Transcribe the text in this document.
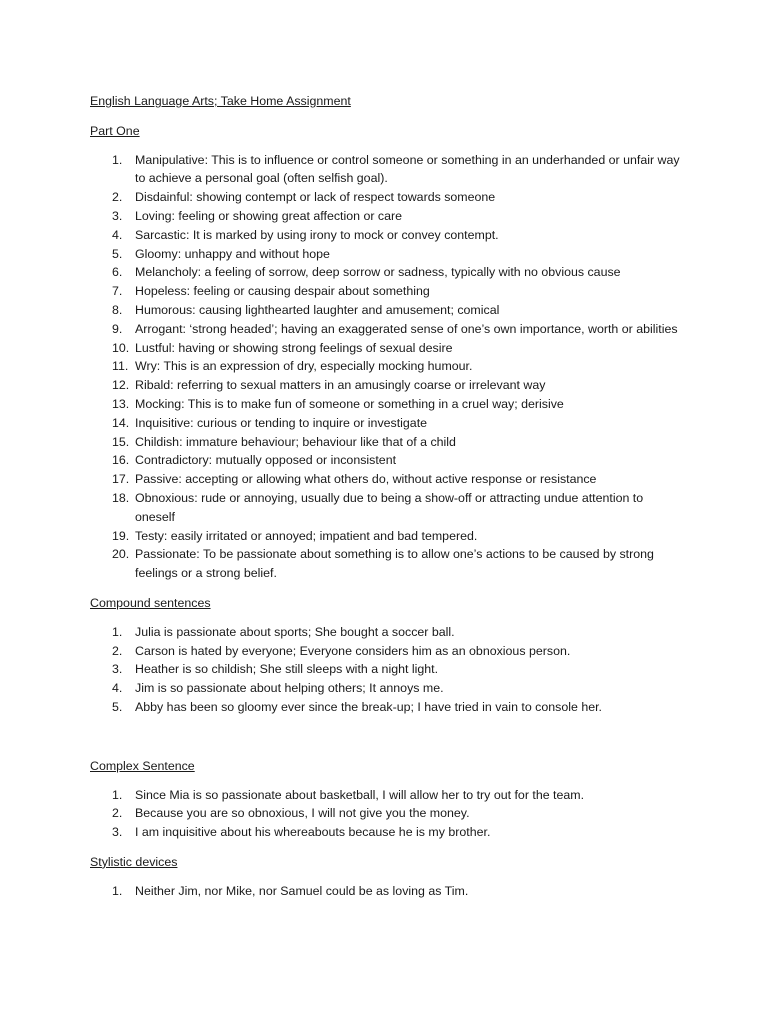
English Language Arts; Take Home Assignment

Part One

1.	Manipulative: This is to influence or control someone or something in an underhanded or unfair way to achieve a personal goal (often selfish goal).
2.	Disdainful: showing contempt or lack of respect towards someone
3.	Loving: feeling or showing great affection or care
4.	Sarcastic: It is marked by using irony to mock or convey contempt.
5.	Gloomy: unhappy and without hope
6.	Melancholy: a feeling of sorrow, deep sorrow or sadness, typically with no obvious cause
7.	Hopeless: feeling or causing despair about something
8.	Humorous: causing lighthearted laughter and amusement; comical
9.	Arrogant: ‘strong headed’; having an exaggerated sense of one’s own importance, worth or abilities
10. Lustful: having or showing strong feelings of sexual desire
11. Wry: This is an expression of dry, especially mocking humour.
12. Ribald: referring to sexual matters in an amusingly coarse or irrelevant way
13. Mocking: This is to make fun of someone or something in a cruel way; derisive
14. Inquisitive: curious or tending to inquire or investigate
15. Childish: immature behaviour; behaviour like that of a child
16. Contradictory: mutually opposed or inconsistent
17. Passive: accepting or allowing what others do, without active response or resistance
18. Obnoxious: rude or annoying, usually due to being a show-off or attracting undue attention to oneself
19. Testy: easily irritated or annoyed; impatient and bad tempered.
20. Passionate: To be passionate about something is to allow one’s actions to be caused by strong feelings or a strong belief.

Compound sentences

1.	Julia is passionate about sports; She bought a soccer ball.
2.	Carson is hated by everyone; Everyone considers him as an obnoxious person.
3.	Heather is so childish; She still sleeps with a night light.
4.	Jim is so passionate about helping others; It annoys me.
5.	Abby has been so gloomy ever since the break-up; I have tried in vain to console her.

Complex Sentence

1.	Since Mia is so passionate about basketball, I will allow her to try out for the team.
2.	Because you are so obnoxious, I will not give you the money.
3.	I am inquisitive about his whereabouts because he is my brother.

Stylistic devices

1.	Neither Jim, nor Mike, nor Samuel could be as loving as Tim.
